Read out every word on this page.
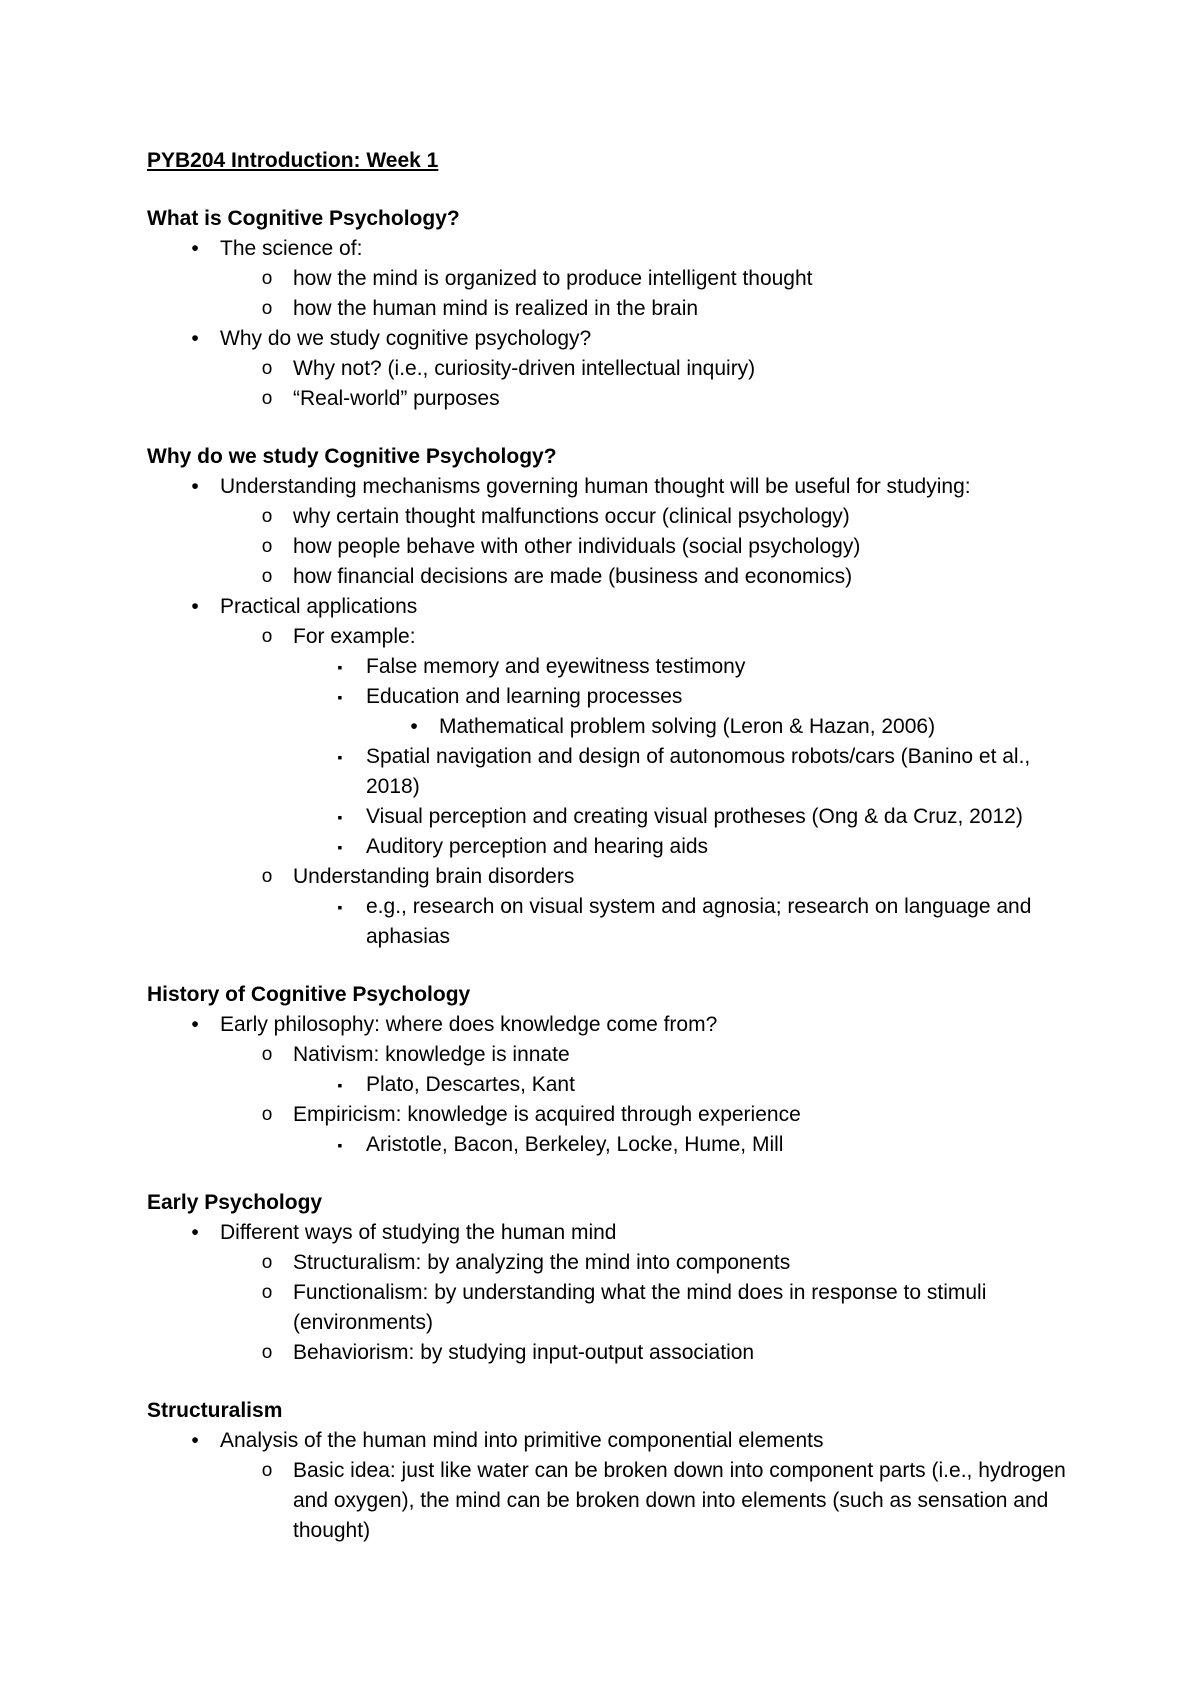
PYB204 Introduction: Week 1
What is Cognitive Psychology?
•	The science of:
o how the mind is organized to produce intelligent thought
o how the human mind is realized in the brain
•	Why do we study cognitive psychology?
o Why not? (i.e., curiosity-driven intellectual inquiry)
o “Real-world” purposes
Why do we study Cognitive Psychology?
•	Understanding mechanisms governing human thought will be useful for studying:
o why certain thought malfunctions occur (clinical psychology)
o how people behave with other individuals (social psychology)
o how financial decisions are made (business and economics)
•	Practical applications
o For example:
▪	False memory and eyewitness testimony
▪	Education and learning processes
•	Mathematical problem solving (Leron & Hazan, 2006)
▪	Spatial navigation and design of autonomous robots/cars (Banino et al., 2018)
▪	Visual perception and creating visual protheses (Ong & da Cruz, 2012)
▪	Auditory perception and hearing aids
o Understanding brain disorders
▪	e.g., research on visual system and agnosia; research on language and aphasias
History of Cognitive Psychology
•	Early philosophy: where does knowledge come from?
o Nativism: knowledge is innate
▪	Plato, Descartes, Kant
o Empiricism: knowledge is acquired through experience
▪	Aristotle, Bacon, Berkeley, Locke, Hume, Mill
Early Psychology
•	Different ways of studying the human mind
o Structuralism: by analyzing the mind into components
o Functionalism: by understanding what the mind does in response to stimuli (environments)
o Behaviorism: by studying input-output association
Structuralism
•	Analysis of the human mind into primitive componential elements
o Basic idea: just like water can be broken down into component parts (i.e., hydrogen and oxygen), the mind can be broken down into elements (such as sensation and thought)
